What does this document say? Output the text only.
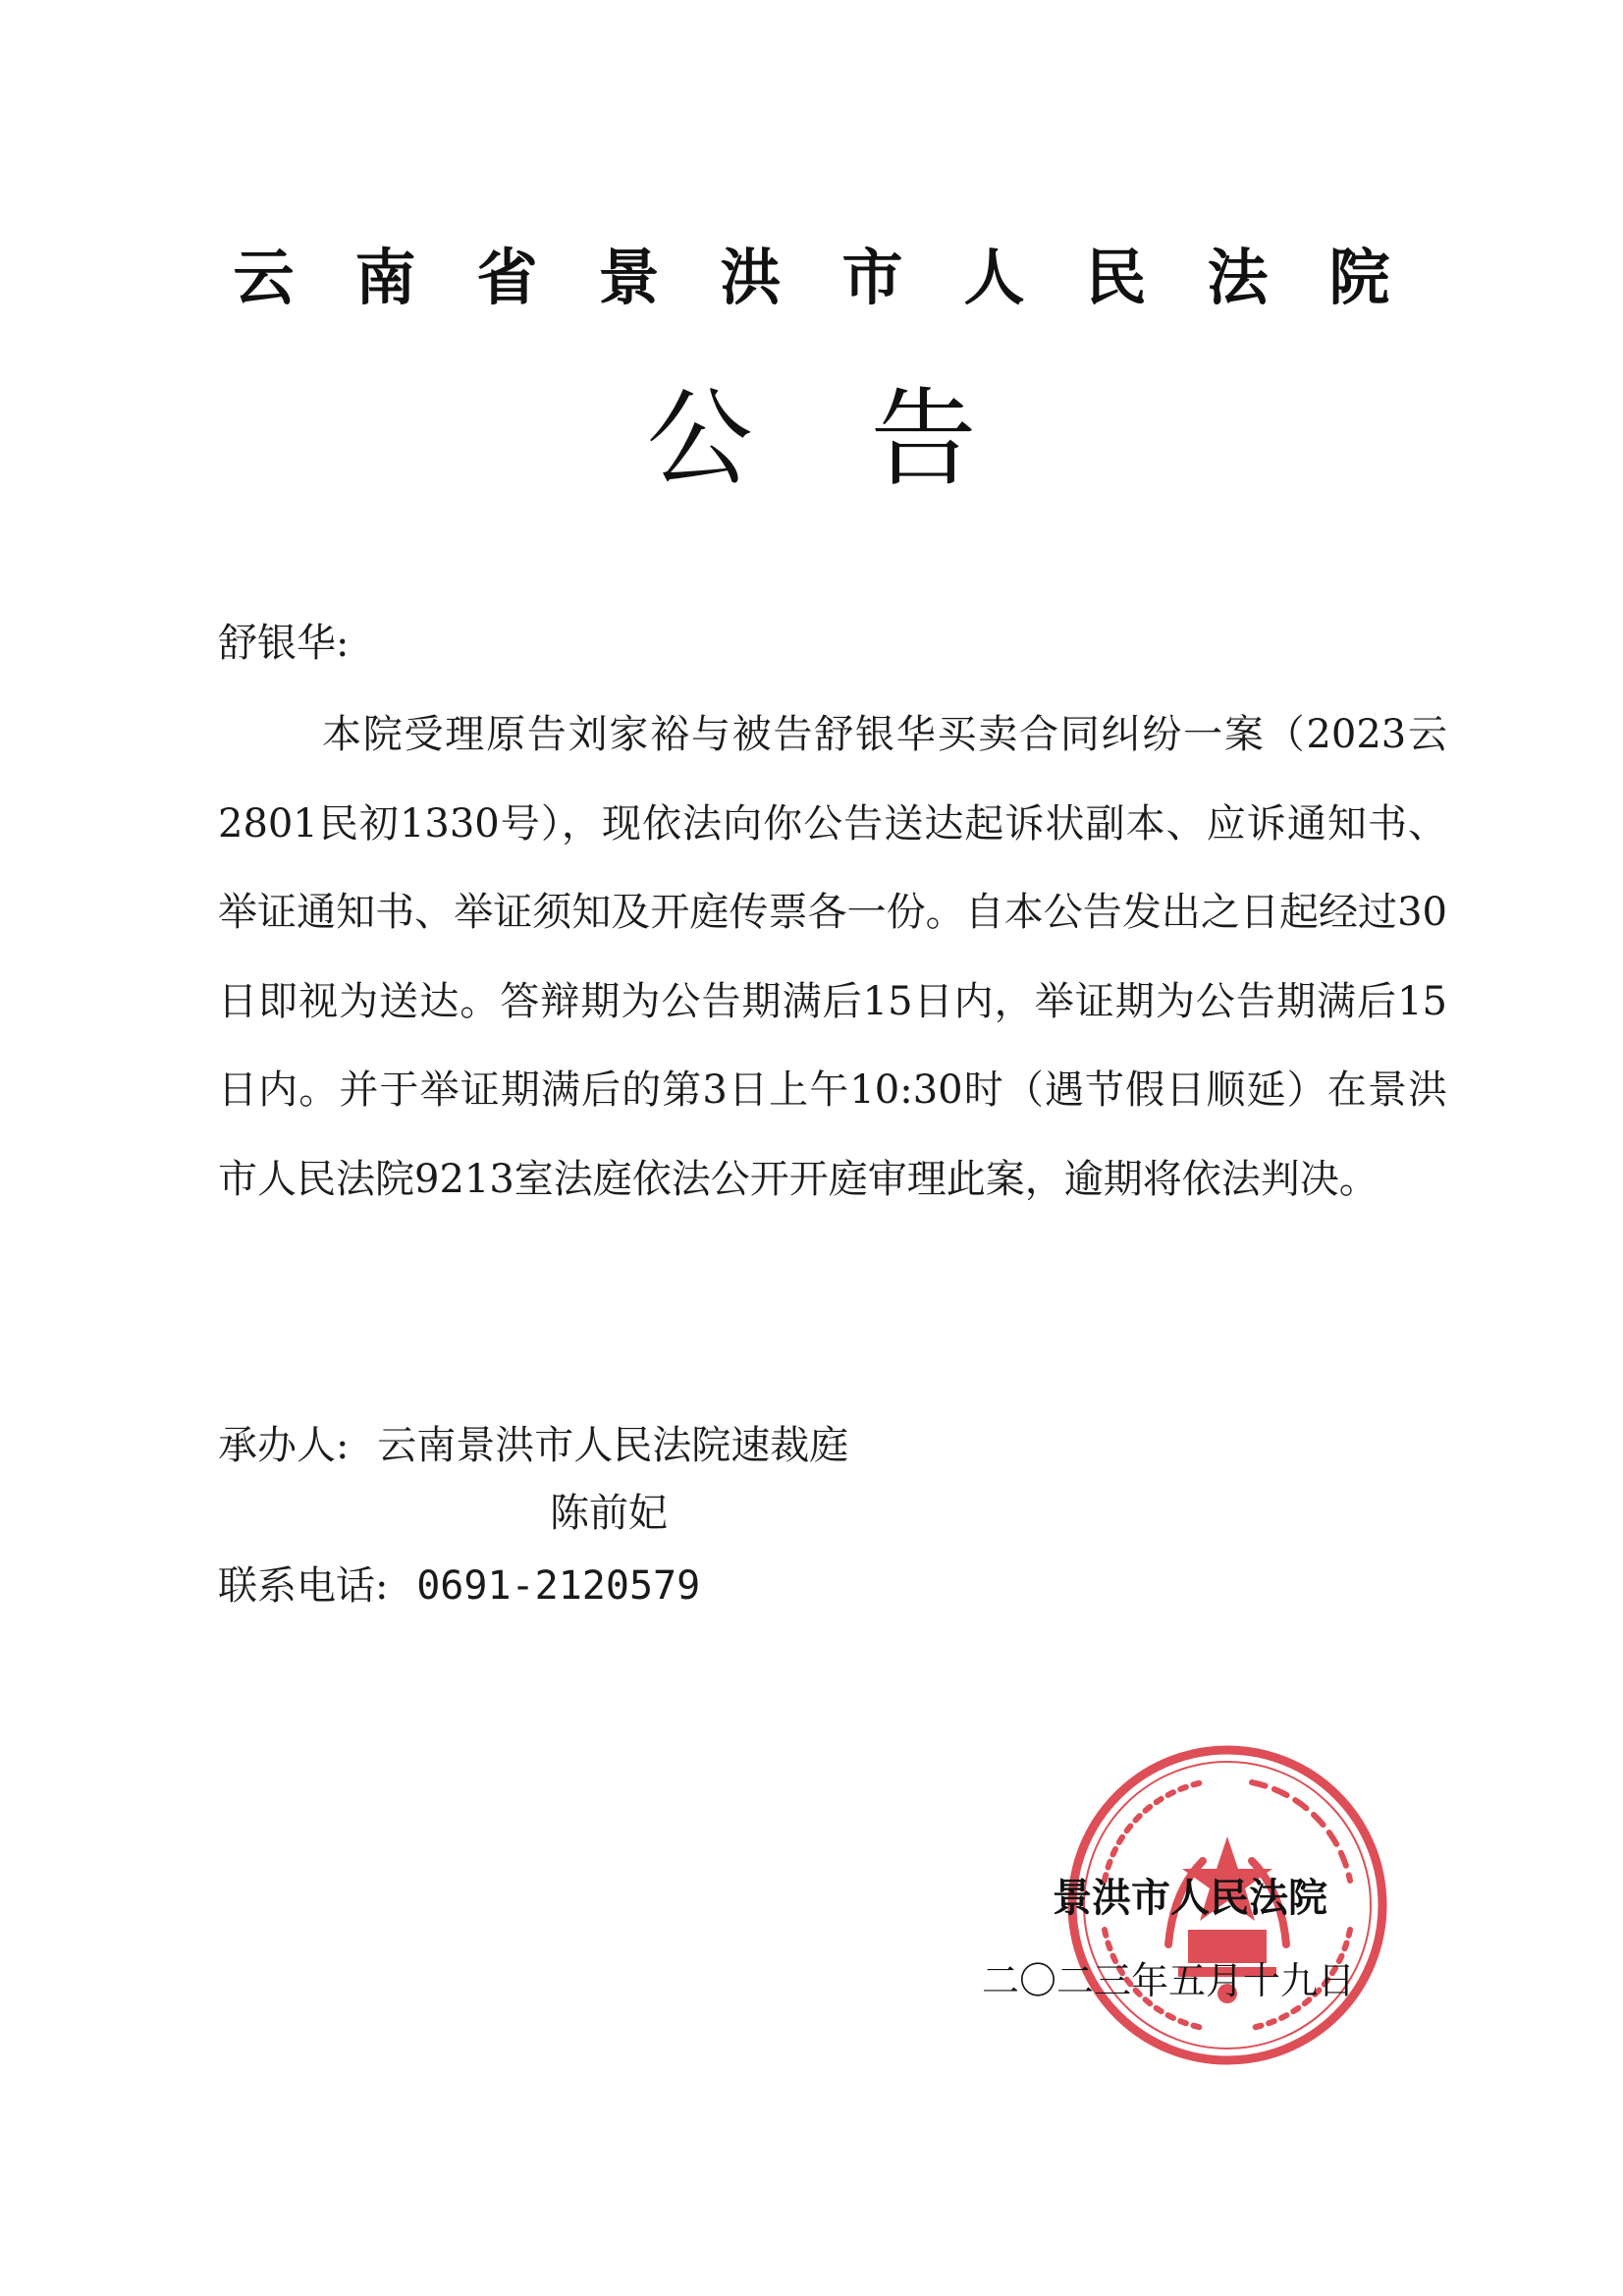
云南省景洪市人民法院
公告
舒银华:

本院受理原告刘家裕与被告舒银华买卖合同纠纷一案（2023云2801民初1330号），现依法向你公告送达起诉状副本、应诉通知书、举证通知书、举证须知及开庭传票各一份。自本公告发出之日起经过30日即视为送达。答辩期为公告期满后15日内，举证期为公告期满后15日内。并于举证期满后的第3日上午10:30时（遇节假日顺延）在景洪市人民法院9213室法庭依法公开开庭审理此案，逾期将依法判决。

承办人: 云南景洪市人民法院速裁庭
陈前妃
联系电话: 0691-2120579
景洪市人民法院
二〇二三年五月十九日
